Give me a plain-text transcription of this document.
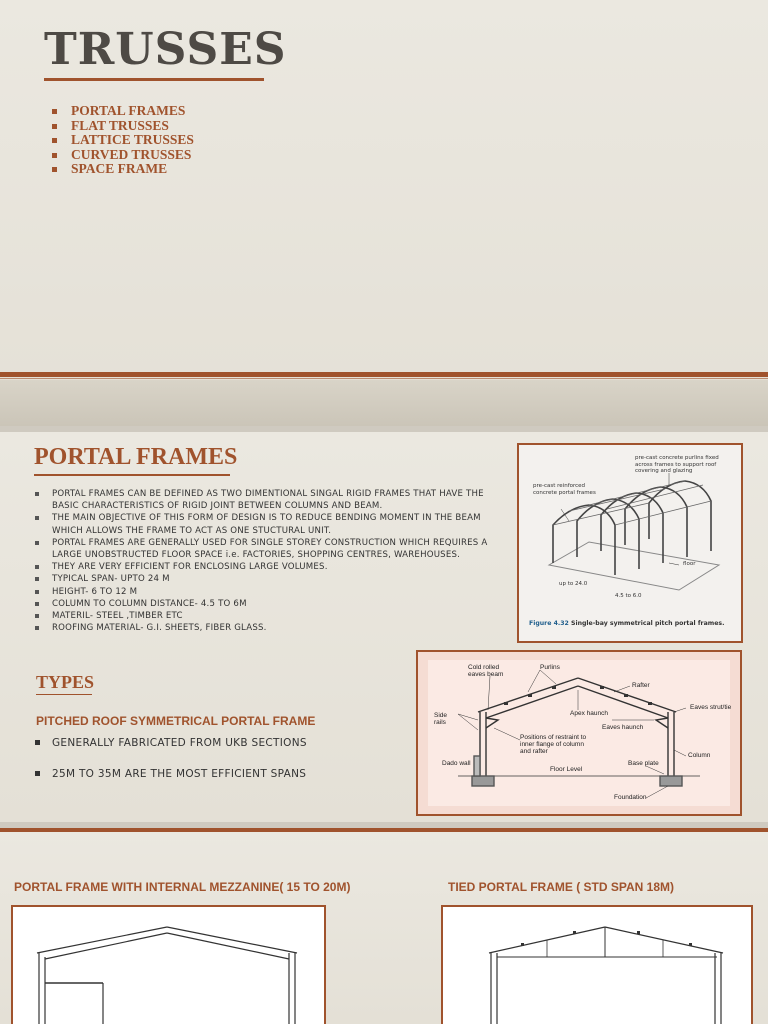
TRUSSES
PORTAL FRAMES
FLAT TRUSSES
LATTICE TRUSSES
CURVED TRUSSES
SPACE FRAME
PORTAL FRAMES
PORTAL FRAMES CAN BE DEFINED AS TWO DIMENTIONAL SINGAL RIGID FRAMES THAT HAVE THE BASIC CHARACTERISTICS OF RIGID JOINT BETWEEN COLUMNS AND BEAM.
THE MAIN OBJECTIVE OF THIS FORM OF DESIGN IS TO REDUCE BENDING MOMENT IN THE BEAM WHICH ALLOWS THE FRAME TO ACT AS ONE STUCTURAL UNIT.
PORTAL FRAMES ARE GENERALLY USED FOR SINGLE STOREY CONSTRUCTION WHICH REQUIRES A LARGE UNOBSTRUCTED FLOOR SPACE i.e. FACTORIES, SHOPPING CENTRES, WAREHOUSES.
THEY ARE VERY EFFICIENT FOR ENCLOSING LARGE VOLUMES.
TYPICAL SPAN- UPTO 24 M
HEIGHT- 6 TO 12 M
COLUMN TO COLUMN DISTANCE- 4.5 TO 6M
MATERIL- STEEL ,TIMBER ETC
ROOFING MATERIAL- G.I. SHEETS, FIBER GLASS.
TYPES
PITCHED ROOF SYMMETRICAL PORTAL FRAME
GENERALLY FABRICATED FROM UKB SECTIONS
25M TO 35M ARE THE MOST EFFICIENT SPANS
pre-cast concrete purlins fixed across frames to support roof covering and glazing
pre-cast reinforced concrete portal frames
floor
up to 24.0
4.5 to 6.0
Figure 4.32 Single-bay symmetrical pitch portal frames.
Cold rolled eaves beam
Purlins
Rafter
Eaves strut/tie
Side rails
Apex haunch
Eaves haunch
Positions of restraint to inner flange of column and rafter
Column
Base plate
Dado wall
Floor Level
Foundation
PORTAL FRAME WITH INTERNAL MEZZANINE( 15 TO 20M)	TIED PORTAL FRAME ( STD SPAN 18M)
